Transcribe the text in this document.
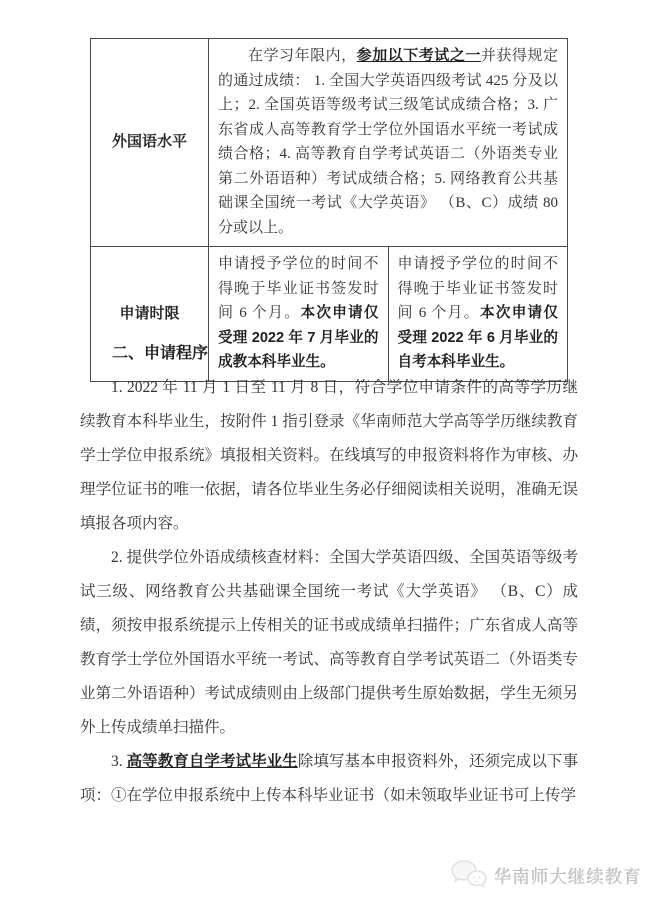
外国语水平	在学习年限内，参加以下考试之一并获得规定的通过成绩： 1. 全国大学英语四级考试 425 分及以上；2. 全国英语等级考试三级笔试成绩合格；3. 广东省成人高等教育学士学位外国语水平统一考试成绩合格；4. 高等教育自学考试英语二（外语类专业第二外语语种）考试成绩合格；5. 网络教育公共基础课全国统一考试《大学英语》 （B、C）成绩 80 分或以上。	
申请时限	申请授予学位的时间不得晚于毕业证书签发时间 6 个月。本次申请仅受理 2022 年 7 月毕业的成教本科毕业生。	申请授予学位的时间不得晚于毕业证书签发时间 6 个月。本次申请仅受理 2022 年 6 月毕业的自考本科毕业生。
二、申请程序

1. 2022 年 11 月 1 日至 11 月 8 日，符合学位申请条件的高等学历继续教育本科毕业生，按附件 1 指引登录《华南师范大学高等学历继续教育学士学位申报系统》填报相关资料。在线填写的申报资料将作为审核、办理学位证书的唯一依据，请各位毕业生务必仔细阅读相关说明，准确无误填报各项内容。

2. 提供学位外语成绩核查材料：全国大学英语四级、全国英语等级考试三级、网络教育公共基础课全国统一考试《大学英语》 （B、C）成绩，须按申报系统提示上传相关的证书或成绩单扫描件；广东省成人高等教育学士学位外国语水平统一考试、高等教育自学考试英语二（外语类专业第二外语语种）考试成绩则由上级部门提供考生原始数据，学生无须另外上传成绩单扫描件。

3. 高等教育自学考试毕业生除填写基本申报资料外，还须完成以下事项：①在学位申报系统中上传本科毕业证书（如未领取毕业证书可上传学

华南师大继续教育
